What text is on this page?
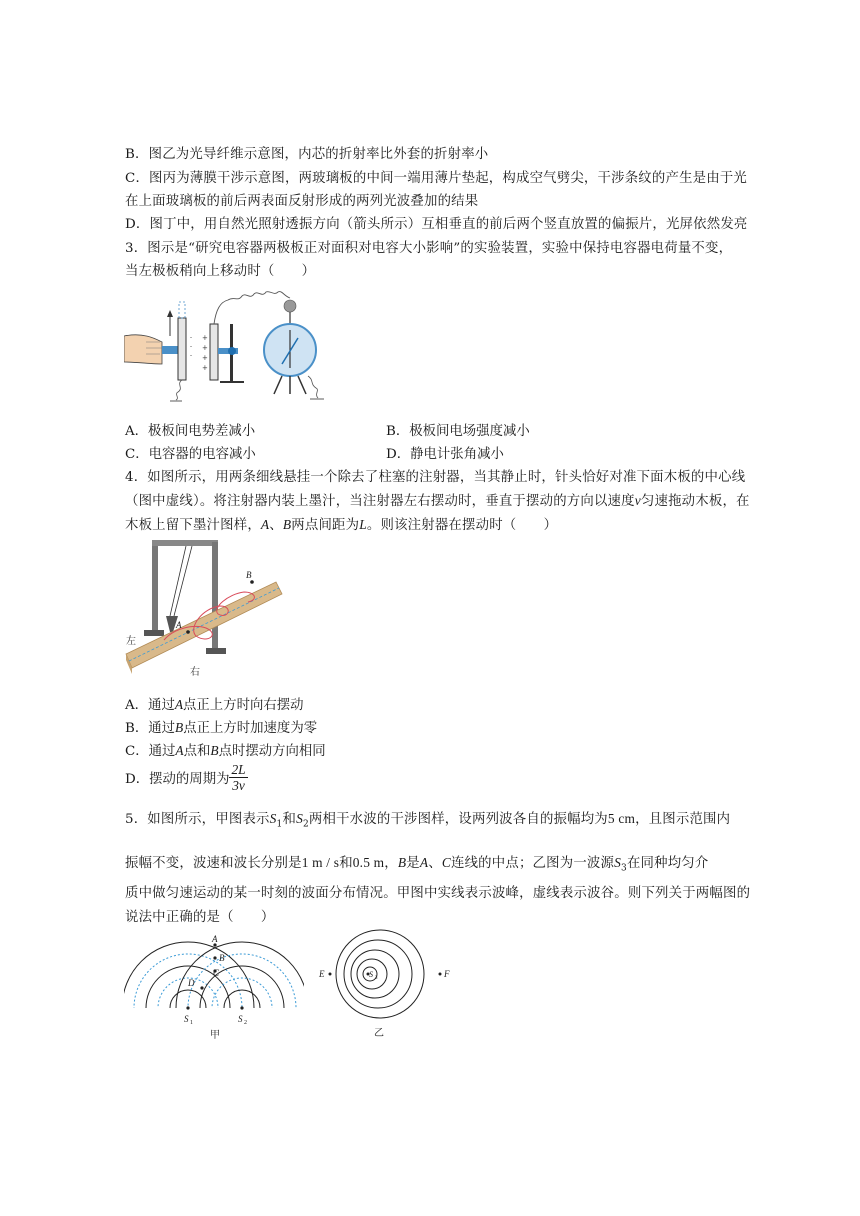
B．图乙为光导纤维示意图，内芯的折射率比外套的折射率小
C．图丙为薄膜干涉示意图，两玻璃板的中间一端用薄片垫起，构成空气劈尖，干涉条纹的产生是由于光
在上面玻璃板的前后两表面反射形成的两列光波叠加的结果
D．图丁中，用自然光照射透振方向（箭头所示）互相垂直的前后两个竖直放置的偏振片，光屏依然发亮
3．图示是“研究电容器两极板正对面积对电容大小影响”的实验装置，实验中保持电容器电荷量不变，
当左极板稍向上移动时（　　）
-
-
-
+
+
+
+
A．极板间电势差减小	B．极板间电场强度减小
C．电容器的电容减小	D．静电计张角减小
4．如图所示，用两条细线悬挂一个除去了柱塞的注射器，当其静止时，针头恰好对准下面木板的中心线
（图中虚线）。将注射器内装上墨汁，当注射器左右摆动时，垂直于摆动的方向以速度v匀速拖动木板，在
木板上留下墨汁图样，A、B两点间距为L。则该注射器在摆动时（　　）
A
B
左
右
A．通过A点正上方时向右摆动
B．通过B点正上方时加速度为零
C．通过A点和B点时摆动方向相同
D．摆动的周期为 $\frac{2L}{3v}$
5．如图所示，甲图表示$S_1$和$S_2$两相干水波的干涉图样，设两列波各自的振幅均为5 cm，且图示范围内
振幅不变，波速和波长分别是1 m / s和0.5 m，B是A、C连线的中点；乙图为一波源$S_3$在同种均匀介
质中做匀速运动的某一时刻的波面分布情况。甲图中实线表示波峰，虚线表示波谷。则下列关于两幅图的
说法中正确的是（　　）
A
B
C
D
S 1	S 2
甲
S 3
E	F
乙
